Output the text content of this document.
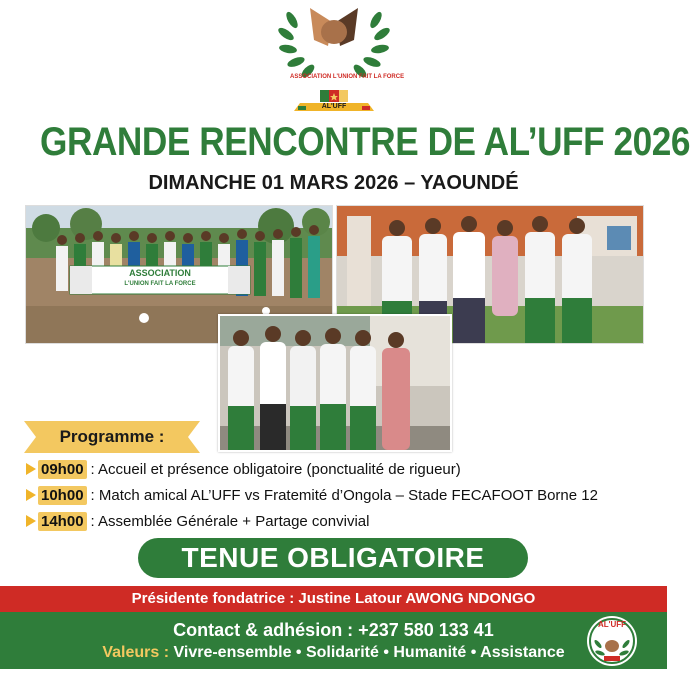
ASSOCIATION L'UNION FAIT LA FORCE
AL'UFF
GRANDE RENCONTRE DE AL’UFF 2026
DIMANCHE 01 MARS 2026 – YAOUNDÉ
ASSOCIATION
L'UNION FAIT LA FORCE
Programme :
09h00 : Accueil et présence obligatoire (ponctualité de rigueur)
10h00 : Match amical AL’UFF vs Fratemité d’Ongola – Stade FECAFOOT Borne 12
14h00 : Assemblée Générale + Partage convivial
TENUE OBLIGATOIRE
Présidente fondatrice : Justine Latour AWONG NDONGO
Contact & adhésion : +237 580 133 41
Valeurs : Vivre-ensemble • Solidarité • Humanité • Assistance
AL'UFF
